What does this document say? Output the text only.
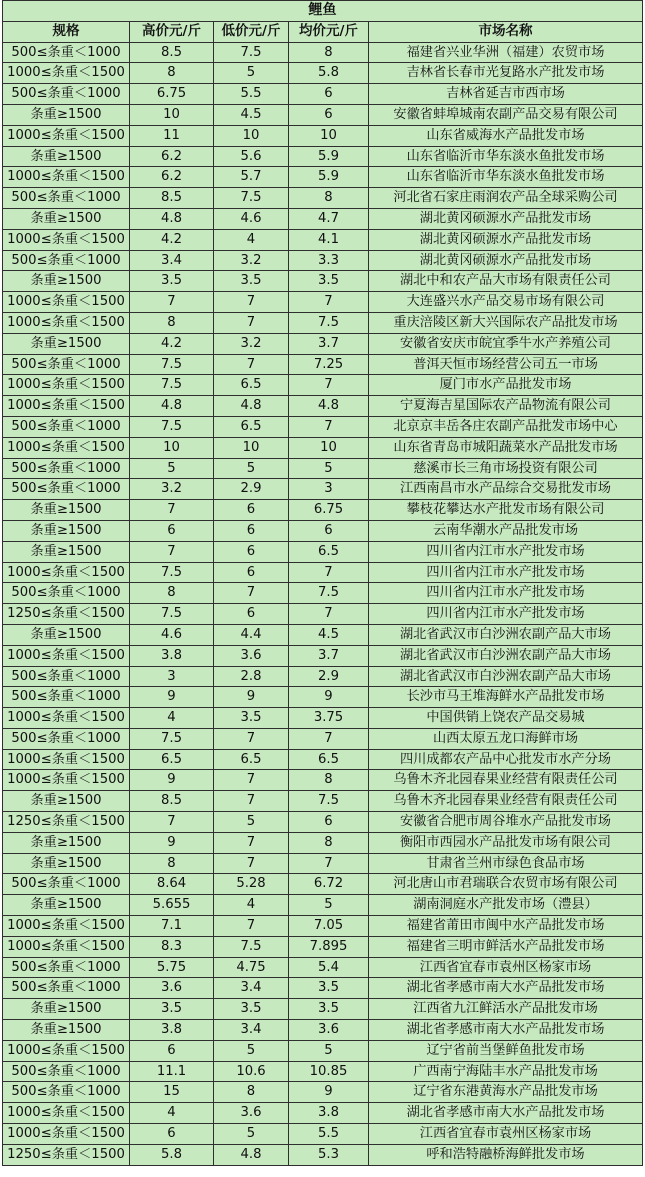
鲤鱼				
规格	高价元/斤	低价元/斤	均价元/斤	市场名称
500≤条重＜1000	8.5	7.5	8	福建省兴业华洲（福建）农贸市场
1000≤条重＜1500	8	5	5.8	吉林省长春市光复路水产批发市场
500≤条重＜1000	6.75	5.5	6	吉林省延吉市西市场
条重≥1500	10	4.5	6	安徽省蚌埠城南农副产品交易有限公司
1000≤条重＜1500	11	10	10	山东省威海水产品批发市场
条重≥1500	6.2	5.6	5.9	山东省临沂市华东淡水鱼批发市场
1000≤条重＜1500	6.2	5.7	5.9	山东省临沂市华东淡水鱼批发市场
500≤条重＜1000	8.5	7.5	8	河北省石家庄雨润农产品全球采购公司
条重≥1500	4.8	4.6	4.7	湖北黄冈硕源水产品批发市场
1000≤条重＜1500	4.2	4	4.1	湖北黄冈硕源水产品批发市场
500≤条重＜1000	3.4	3.2	3.3	湖北黄冈硕源水产品批发市场
条重≥1500	3.5	3.5	3.5	湖北中和农产品大市场有限责任公司
1000≤条重＜1500	7	7	7	大连盛兴水产品交易市场有限公司
1000≤条重＜1500	8	7	7.5	重庆涪陵区新大兴国际农产品批发市场
条重≥1500	4.2	3.2	3.7	安徽省安庆市皖宜季牛水产养殖公司
500≤条重＜1000	7.5	7	7.25	普洱天恒市场经营公司五一市场
1000≤条重＜1500	7.5	6.5	7	厦门市水产品批发市场
1000≤条重＜1500	4.8	4.8	4.8	宁夏海吉星国际农产品物流有限公司
500≤条重＜1000	7.5	6.5	7	北京京丰岳各庄农副产品批发市场中心
1000≤条重＜1500	10	10	10	山东省青岛市城阳蔬菜水产品批发市场
500≤条重＜1000	5	5	5	慈溪市长三角市场投资有限公司
500≤条重＜1000	3.2	2.9	3	江西南昌市水产品综合交易批发市场
条重≥1500	7	6	6.75	攀枝花攀达水产批发市场有限公司
条重≥1500	6	6	6	云南华潮水产品批发市场
条重≥1500	7	6	6.5	四川省内江市水产批发市场
1000≤条重＜1500	7.5	6	7	四川省内江市水产批发市场
500≤条重＜1000	8	7	7.5	四川省内江市水产批发市场
1250≤条重＜1500	7.5	6	7	四川省内江市水产批发市场
条重≥1500	4.6	4.4	4.5	湖北省武汉市白沙洲农副产品大市场
1000≤条重＜1500	3.8	3.6	3.7	湖北省武汉市白沙洲农副产品大市场
500≤条重＜1000	3	2.8	2.9	湖北省武汉市白沙洲农副产品大市场
500≤条重＜1000	9	9	9	长沙市马王堆海鲜水产品批发市场
1000≤条重＜1500	4	3.5	3.75	中国供销上饶农产品交易城
500≤条重＜1000	7.5	7	7	山西太原五龙口海鲜市场
1000≤条重＜1500	6.5	6.5	6.5	四川成都农产品中心批发市水产分场
1000≤条重＜1500	9	7	8	乌鲁木齐北园春果业经营有限责任公司
条重≥1500	8.5	7	7.5	乌鲁木齐北园春果业经营有限责任公司
1250≤条重＜1500	7	5	6	安徽省合肥市周谷堆水产品批发市场
条重≥1500	9	7	8	衡阳市西园水产品批发市场有限公司
条重≥1500	8	7	7	甘肃省兰州市绿色食品市场
500≤条重＜1000	8.64	5.28	6.72	河北唐山市君瑞联合农贸市场有限公司
条重≥1500	5.655	4	5	湖南洞庭水产批发市场（澧县）
1000≤条重＜1500	7.1	7	7.05	福建省莆田市闽中水产品批发市场
1000≤条重＜1500	8.3	7.5	7.895	福建省三明市鲜活水产品批发市场
500≤条重＜1000	5.75	4.75	5.4	江西省宜春市袁州区杨家市场
500≤条重＜1000	3.6	3.4	3.5	湖北省孝感市南大水产品批发市场
条重≥1500	3.5	3.5	3.5	江西省九江鲜活水产品批发市场
条重≥1500	3.8	3.4	3.6	湖北省孝感市南大水产品批发市场
1000≤条重＜1500	6	5	5	辽宁省前当堡鲜鱼批发市场
500≤条重＜1000	11.1	10.6	10.85	广西南宁海陆丰水产品批发市场
500≤条重＜1000	15	8	9	辽宁省东港黄海水产品批发市场
1000≤条重＜1500	4	3.6	3.8	湖北省孝感市南大水产品批发市场
1000≤条重＜1500	6	5	5.5	江西省宜春市袁州区杨家市场
1250≤条重＜1500	5.8	4.8	5.3	呼和浩特融桥海鲜批发市场
